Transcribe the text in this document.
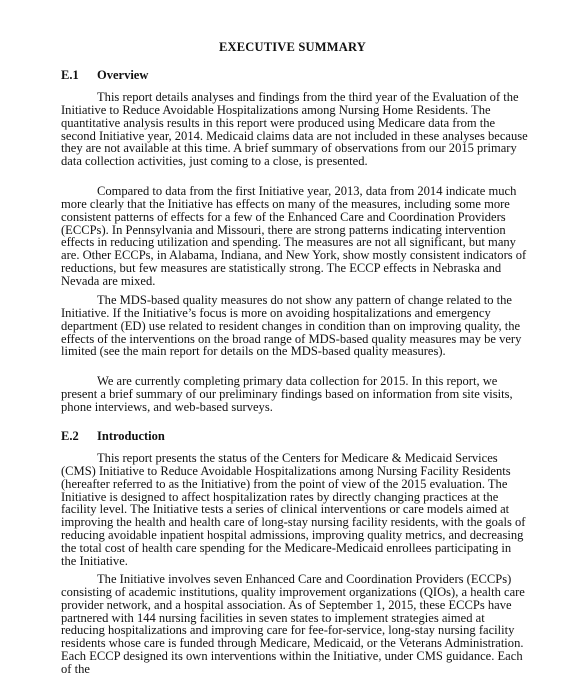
EXECUTIVE SUMMARY
E.1 Overview

This report details analyses and findings from the third year of the Evaluation of the Initiative to Reduce Avoidable Hospitalizations among Nursing Home Residents. The quantitative analysis results in this report were produced using Medicare data from the second Initiative year, 2014. Medicaid claims data are not included in these analyses because they are not available at this time. A brief summary of observations from our 2015 primary data collection activities, just coming to a close, is presented.

Compared to data from the first Initiative year, 2013, data from 2014 indicate much more clearly that the Initiative has effects on many of the measures, including some more consistent patterns of effects for a few of the Enhanced Care and Coordination Providers (ECCPs). In Pennsylvania and Missouri, there are strong patterns indicating intervention effects in reducing utilization and spending. The measures are not all significant, but many are. Other ECCPs, in Alabama, Indiana, and New York, show mostly consistent indicators of reductions, but few measures are statistically strong. The ECCP effects in Nebraska and Nevada are mixed.

The MDS-based quality measures do not show any pattern of change related to the Initiative. If the Initiative’s focus is more on avoiding hospitalizations and emergency department (ED) use related to resident changes in condition than on improving quality, the effects of the interventions on the broad range of MDS-based quality measures may be very limited (see the main report for details on the MDS-based quality measures).

We are currently completing primary data collection for 2015. In this report, we present a brief summary of our preliminary findings based on information from site visits, phone interviews, and web-based surveys.

E.2 Introduction

This report presents the status of the Centers for Medicare & Medicaid Services (CMS) Initiative to Reduce Avoidable Hospitalizations among Nursing Facility Residents (hereafter referred to as the Initiative) from the point of view of the 2015 evaluation. The Initiative is designed to affect hospitalization rates by directly changing practices at the facility level. The Initiative tests a series of clinical interventions or care models aimed at improving the health and health care of long-stay nursing facility residents, with the goals of reducing avoidable inpatient hospital admissions, improving quality metrics, and decreasing the total cost of health care spending for the Medicare-Medicaid enrollees participating in the Initiative.

The Initiative involves seven Enhanced Care and Coordination Providers (ECCPs) consisting of academic institutions, quality improvement organizations (QIOs), a health care provider network, and a hospital association. As of September 1, 2015, these ECCPs have partnered with 144 nursing facilities in seven states to implement strategies aimed at reducing hospitalizations and improving care for fee-for-service, long-stay nursing facility residents whose care is funded through Medicare, Medicaid, or the Veterans Administration. Each ECCP designed its own interventions within the Initiative, under CMS guidance. Each of the
